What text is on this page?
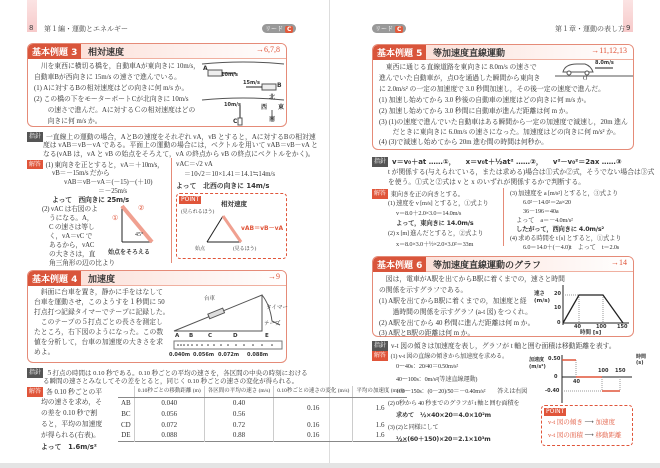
8 第１編・運動とエネルギー	リード C	リード C	第１章・運動の表し方 9
基本例題 3	相対速度	→6,7,8
　川を東西に横切る橋を，自動車Aが東向きに 10m/s，
自動車Bが西向きに 15m/s の速さで進んでいる。
(1) Aに対するBの相対速度はどの向きに何 m/s か。
(2) この橋の下をモーターボートCが北向きに 10m/s
　　の速さで進んだ。Aに対するＣの相対速度はどの
　　向きに何 m/s か。
A
10m/s
15m/s	B
10m/s
C
北
西 東
南
指針 一直線上の運動の場合，AとBの速度をそれぞれ vA，vB とすると，Aに対するBの相対速
度は vAB＝vB－vA である。平面上の運動の場合には，ベクトルを用いて vAB＝vB－vA と
なる(vAB は，vA と vB の始点をそろえて，vA の終点から vB の終点にベクトルをかく)。
解答 (1) 東向きを正とすると，vA＝＋10m/s，
vB＝－15m/s だから
vAB＝vB－vA＝(－15)－(＋10)
＝－25m/s
よって　西向きに 25m/s
(2) vAC は右図のよ
うになる。A，
C の速さは等し
く，vA＝vC で
あるから，vAC
の大きさは，直
角三角形の辺の比より
①
②
45°
始点をそろえる
vAC＝√2 vA
＝10√2＝10×1.41＝14.1≒14m/s
よって　北西の向きに 14m/s
POINT
相対速度
(見られるほう)
始点	(見るほう)
vAB＝vB－vA
基本例題 4	加速度	→9
　斜面に台車を置き，静かに手をはなして
台車を運動させ，このようすを１秒間に 50
打点打つ記録タイマーでテープに記録した。
　このテープの５打点ごとの長さを測定し
たところ，右下図のようになった。この数
値を分析して，台車の加速度の大きさを求
めよ。
台車
タイマー
テープ
A B	C	D	E
0.040m 0.056m 0.072m 0.088m
指針 ５打点の時間は 0.10 秒である。0.10 秒ごとの平均の速さを，各区間の中央の時刻における
る瞬間の速さとみなしてその差をとると，同じく 0.10 秒ごとの速さの変化が得られる。
解答 各 0.10 秒ごとの平
均の速さを求め，そ
の差を 0.10 秒で割
ると，平均の加速度
が得られる(右表)。
よって　1.6m/s²
	0.10秒ごとの移動距離 (m)	各区間の平均の速さ (m/s)	0.10秒ごとの速さの変化 (m/s)	平均の加速度 (m/s²)
AB	0.040	0.40	0.16	1.6
BC	0.056	0.56		
CD	0.072	0.72	0.16	1.6
DE	0.088	0.88	0.16	1.6
基本例題 5	等加速度直線運動	→11,12,13
　東西に通じる直線道路を東向きに 8.0m/s の速さで
進んでいた自動車が，点Oを通過した瞬間から東向き
に 2.0m/s² の一定の加速度で 3.0 秒間加速し，その後一定の速度で進んだ。
(1) 加速し始めてから 3.0 秒後の自動車の速度はどの向きに何 m/s か。
(2) 加速し始めてから 3.0 秒間に自動車が進んだ距離は何 m か。
(3) (1)の速度で進んでいた自動車はある瞬間から一定の加速度で減速し，20m 進ん
　　だときに東向きに 6.0m/s の速さになった。加速度はどの向きに何 m/s² か。
(4) (3)で減速し始めてから 20m 進む間の時間は何秒か。
8.0m/s
O
指針 v＝v₀＋at ……①， x＝v₀t＋½at² ……②， v²－v₀²＝2ax ……③
t が関係する(与えられている，または求める)場合は①式か②式，そうでない場合は③式
を使う。①式と②式は v と x のいずれが関係するかで判断する。
解答 東向きを正の向きとする。
(1) 速度を v [m/s] とすると，①式より
v＝8.0＋2.0×3.0＝14.0m/s
よって，東向きに 14.0m/s
(2) x [m] 進んだとすると，②式より
x＝8.0×3.0＋½×2.0×3.0²＝33m
(3) 加速度を a [m/s²] とすると，③式より
6.0²－14.0²＝2a×20
36－196＝40a
よって　a＝－4.0m/s²
したがって，西向きに 4.0m/s²
(4) 求める時間を t [s] とすると，①式より
6.0＝14.0＋(－4.0)t　よって　t＝2.0s
基本例題 6	等加速度直線運動のグラフ	→14
　図は，電車がA駅を出てからB駅に着くまでの，速さと時間
の関係を示すグラフである。
(1) A駅を出てからB駅に着くまでの，加速度と経
　　過時間の関係を示すグラフ (a-t 図) をつくれ。
(2) A駅を出てから 40 秒間に進んだ距離は何 m か。
(3) A駅とB駅の距離は何 m か。
速さ (m/s)
20
10
0
40	100 150
時間 [s]
指針 v-t 図の傾きは加速度を表し，グラフが t 軸と囲む面積は移動距離を表す。
解答 (1) v-t 図の直線の傾きから加速度を求める。
0～40s：20/40＝0.50m/s²
40～100s：0m/s²(等速直線運動)
100～150s：(0－20)/50＝－0.40m/s²　　答えは右図
(2) 0秒から 40 秒までのグラフが t 軸と囲む面積を
求めて　½×40×20＝4.0×10²m
(3) (2)と同様にして
½×(60＋150)×20＝2.1×10³m
加速度 (m/s²)
0.50
0
-0.40
40
100 150
時間 (s)
POINT
v-t 図の傾き ⟶ 加速度
v-t 図の面積 ⟶ 移動距離
